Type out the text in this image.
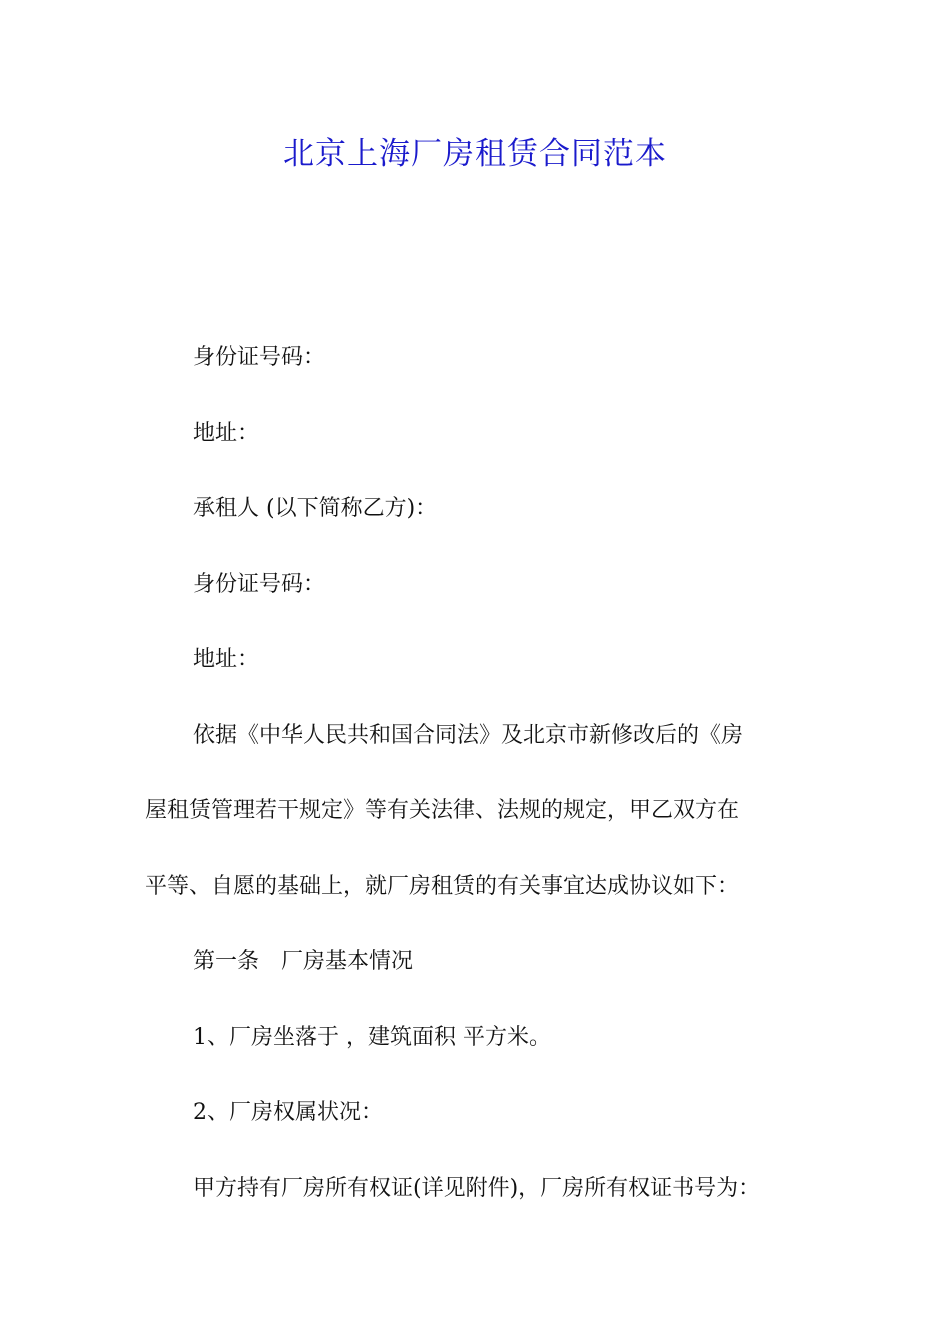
北京上海厂房租赁合同范本
身份证号码：
地址：
承租人 (以下简称乙方)：
身份证号码：
地址：
依据《中华人民共和国合同法》及北京市新修改后的《房
屋租赁管理若干规定》等有关法律、法规的规定，甲乙双方在
平等、自愿的基础上，就厂房租赁的有关事宜达成协议如下：
第一条　厂房基本情况
1、厂房坐落于 ，建筑面积 平方米。
2、厂房权属状况：
甲方持有厂房所有权证(详见附件)，厂房所有权证书号为：
